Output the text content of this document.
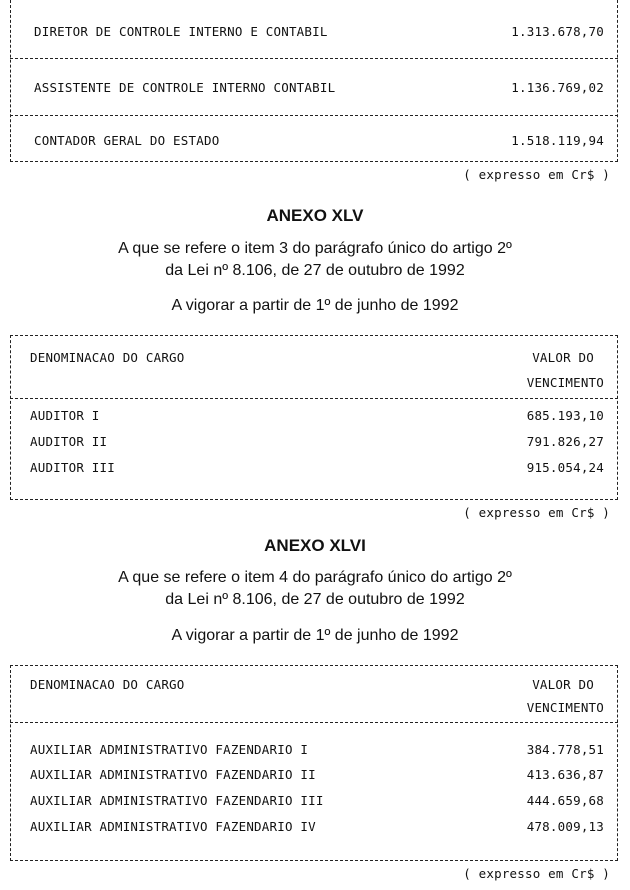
DIRETOR DE CONTROLE INTERNO E CONTABIL	1.313.678,70
ASSISTENTE DE CONTROLE INTERNO CONTABIL	1.136.769,02
CONTADOR GERAL DO ESTADO	1.518.119,94
( expresso em Cr$ )
ANEXO XLV
A que se refere o item 3 do parágrafo único do artigo 2º
da Lei nº 8.106, de 27 de outubro de 1992
A vigorar a partir de 1º de junho de 1992
DENOMINACAO DO CARGO	VALOR DO
VENCIMENTO
AUDITOR I	685.193,10
AUDITOR II	791.826,27
AUDITOR III	915.054,24
( expresso em Cr$ )
ANEXO XLVI
A que se refere o item 4 do parágrafo único do artigo 2º
da Lei nº 8.106, de 27 de outubro de 1992
A vigorar a partir de 1º de junho de 1992
DENOMINACAO DO CARGO	VALOR DO
VENCIMENTO
AUXILIAR ADMINISTRATIVO FAZENDARIO I	384.778,51
AUXILIAR ADMINISTRATIVO FAZENDARIO II	413.636,87
AUXILIAR ADMINISTRATIVO FAZENDARIO III	444.659,68
AUXILIAR ADMINISTRATIVO FAZENDARIO IV	478.009,13
( expresso em Cr$ )
